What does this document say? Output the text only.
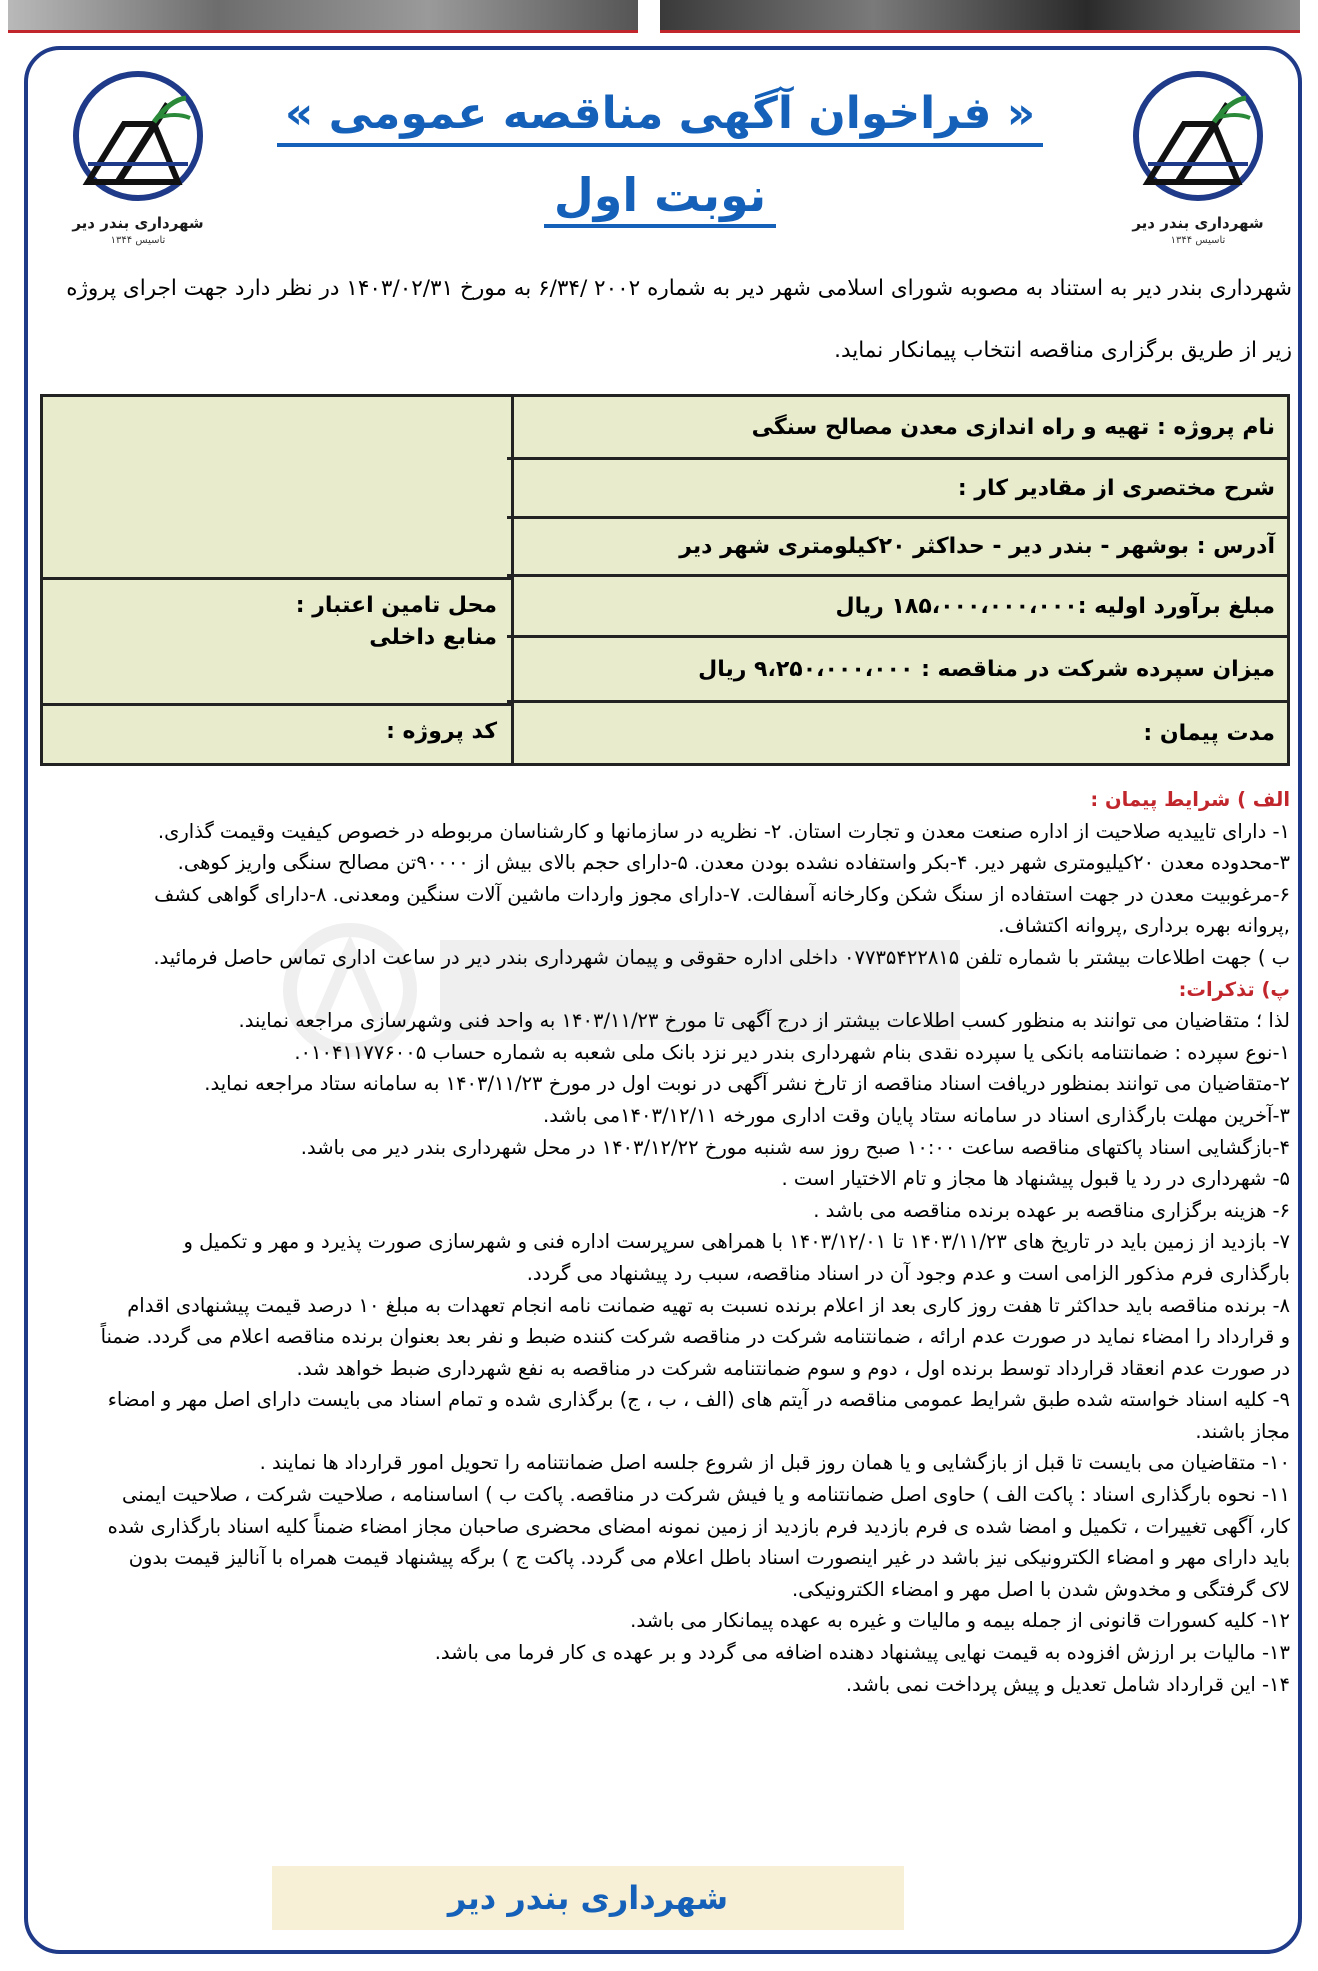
شهرداری بندر دیر
تاسیس ۱۳۴۴
شهرداری بندر دیر
تاسیس ۱۳۴۴
« فراخوان آگهی مناقصه عمومی »
نوبت اول
شهرداری بندر دیر به استناد به مصوبه شورای اسلامی شهر دیر به شماره ۲۰۰۲ /۶/۳۴ به مورخ ۱۴۰۳/۰۲/۳۱ در نظر دارد جهت اجرای پروژه زیر از طریق برگزاری مناقصه انتخاب پیمانکار نماید.
نام پروژه : تهیه و راه اندازی معدن مصالح سنگی
شرح مختصری از مقادیر کار :
آدرس : بوشهر - بندر دیر - حداکثر ۲۰کیلومتری شهر دیر
مبلغ برآورد اولیه :۱۸۵،۰۰۰،۰۰۰،۰۰۰ ریال
میزان سپرده شرکت در مناقصه : ۹،۲۵۰،۰۰۰،۰۰۰ ریال
مدت پیمان :
محل تامین اعتبار :
منابع داخلی
کد پروژه :

الف ) شرایط پیمان :

۱- دارای تاییدیه صلاحیت از اداره صنعت معدن و تجارت استان. ۲- نظریه در سازمانها و کارشناسان مربوطه در خصوص کیفیت وقیمت گذاری.

۳-محدوده معدن ۲۰کیلیومتری شهر دیر. ۴-بکر واستفاده نشده بودن معدن. ۵-دارای حجم بالای بیش از ۹۰۰۰۰تن مصالح سنگی واریز کوهی.

۶-مرغوبیت معدن در جهت استفاده از سنگ شکن وکارخانه آسفالت. ۷-دارای مجوز واردات ماشین آلات سنگین ومعدنی. ۸-دارای گواهی کشف

,پروانه بهره برداری ,پروانه اکتشاف.

ب ) جهت اطلاعات بیشتر با شماره تلفن ۰۷۷۳۵۴۲۲۸۱۵ داخلی اداره حقوقی و پیمان شهرداری بندر دیر در ساعت اداری تماس حاصل فرمائید.

پ) تذکرات:

لذا ؛ متقاضیان می توانند به منظور کسب اطلاعات بیشتر از درج آگهی تا مورخ ۱۴۰۳/۱۱/۲۳ به واحد فنی وشهرسازی مراجعه نمایند.

۱-نوع سپرده : ضمانتنامه بانکی یا سپرده نقدی بنام شهرداری بندر دیر نزد بانک ملی شعبه به شماره حساب ۰۱۰۴۱۱۷۷۶۰۰۵.

۲-متقاضیان می توانند بمنظور دریافت اسناد مناقصه از تارخ نشر آگهی در نوبت اول در مورخ ۱۴۰۳/۱۱/۲۳ به سامانه ستاد مراجعه نماید.

۳-آخرین مهلت بارگذاری اسناد در سامانه ستاد پایان وقت اداری مورخه ۱۴۰۳/۱۲/۱۱می باشد.

۴-بازگشایی اسناد پاکتهای مناقصه ساعت ۱۰:۰۰ صبح روز سه شنبه مورخ ۱۴۰۳/۱۲/۲۲ در محل شهرداری بندر دیر می باشد.

۵- شهرداری در رد یا قبول پیشنهاد ها مجاز و تام الاختیار است .

۶- هزینه برگزاری مناقصه بر عهده برنده مناقصه می باشد .

۷- بازدید از زمین باید در تاریخ های ۱۴۰۳/۱۱/۲۳ تا ۱۴۰۳/۱۲/۰۱ با همراهی سرپرست اداره فنی و شهرسازی صورت پذیرد و مهر و تکمیل و

بارگذاری فرم مذکور الزامی است و عدم وجود آن در اسناد مناقصه، سبب رد پیشنهاد می گردد.

۸- برنده مناقصه باید حداکثر تا هفت روز کاری بعد از اعلام برنده نسبت به تهیه ضمانت نامه انجام تعهدات به مبلغ ۱۰ درصد قیمت پیشنهادی اقدام

و قرارداد را امضاء نماید در صورت عدم ارائه ، ضمانتنامه شرکت در مناقصه شرکت کننده ضبط و نفر بعد بعنوان برنده مناقصه اعلام می گردد. ضمناً

در صورت عدم انعقاد قرارداد توسط برنده اول ، دوم و سوم ضمانتنامه شرکت در مناقصه به نفع شهرداری ضبط خواهد شد.

۹- کلیه اسناد خواسته شده طبق شرایط عمومی مناقصه در آیتم های (الف ، ب ، ج) برگذاری شده و تمام اسناد می بایست دارای اصل مهر و امضاء

مجاز باشند.

۱۰- متقاضیان می بایست تا قبل از بازگشایی و یا همان روز قبل از شروع جلسه اصل ضمانتنامه را تحویل امور قرارداد ها نمایند .

۱۱- نحوه بارگذاری اسناد : پاکت الف ) حاوی اصل ضمانتنامه و یا فیش شرکت در مناقصه. پاکت ب ) اساسنامه ، صلاحیت شرکت ، صلاحیت ایمنی

کار، آگهی تغییرات ، تکمیل و امضا شده ی فرم بازدید فرم بازدید از زمین نمونه امضای محضری صاحبان مجاز امضاء ضمناً کلیه اسناد بارگذاری شده

باید دارای مهر و امضاء الکترونیکی نیز باشد در غیر اینصورت اسناد باطل اعلام می گردد. پاکت ج ) برگه پیشنهاد قیمت همراه با آنالیز قیمت بدون

لاک گرفتگی و مخدوش شدن با اصل مهر و امضاء الکترونیکی.

۱۲- کلیه کسورات قانونی از جمله بیمه و مالیات و غیره به عهده پیمانکار می باشد.

۱۳- مالیات بر ارزش افزوده به قیمت نهایی پیشنهاد دهنده اضافه می گردد و بر عهده ی کار فرما می باشد.

۱۴- این قرارداد شامل تعدیل و پیش پرداخت نمی باشد.

شهرداری بندر دیر
